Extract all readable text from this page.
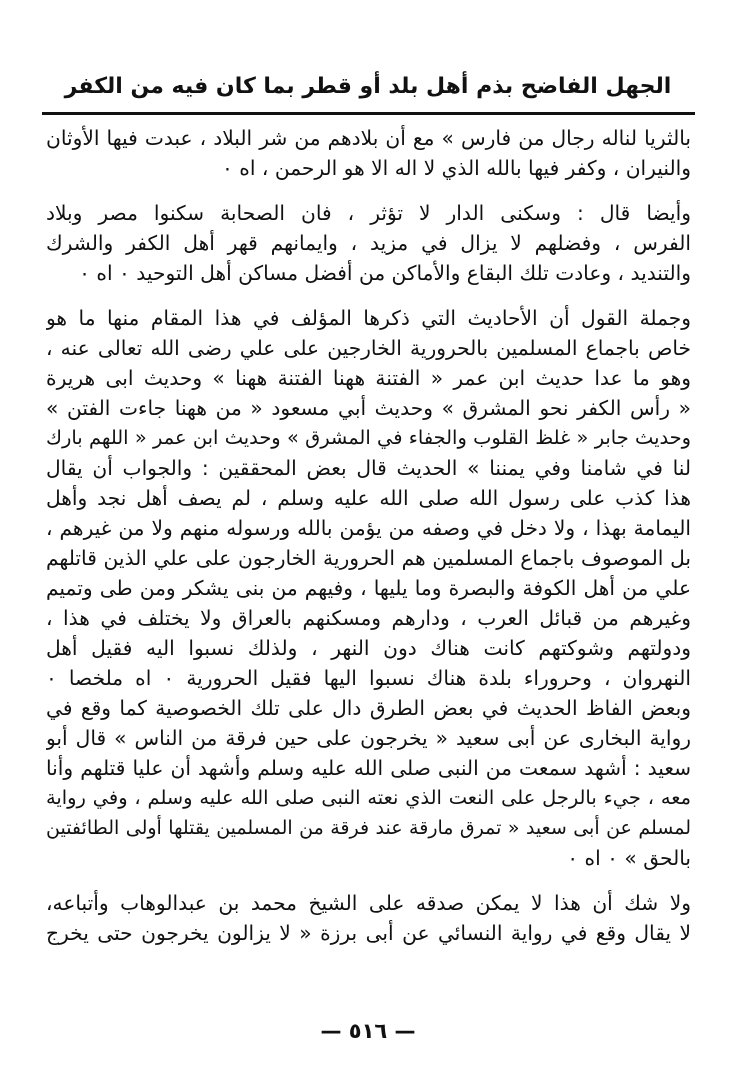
الجهل الفاضح بذم أهل بلد أو قطر بما كان فيه من الكفر
بالثريا لناله رجال من فارس » مع أن بلادهم من شر البلاد ، عبدت فيها الأوثان
والنيران ، وكفر فيها بالله الذي لا اله الا هو الرحمن ، اه ٠
وأيضا قال : وسكنى الدار لا تؤثر ، فان الصحابة سكنوا مصر وبلاد
الفرس ، وفضلهم لا يزال في مزيد ، وايمانهم قهر أهل الكفر والشرك
والتنديد ، وعادت تلك البقاع والأماكن من أفضل مساكن أهل التوحيد ٠ اه ٠
وجملة القول أن الأحاديث التي ذكرها المؤلف في هذا المقام منها ما هو
خاص باجماع المسلمين بالحرورية الخارجين على علي رضى الله تعالى عنه ،
وهو ما عدا حديث ابن عمر « الفتنة ههنا الفتنة ههنا » وحديث ابى هريرة
« رأس الكفر نحو المشرق » وحديث أبي مسعود « من ههنا جاءت الفتن »
وحديث جابر « غلظ القلوب والجفاء في المشرق » وحديث ابن عمر « اللهم بارك
لنا في شامنا وفي يمننا » الحديث قال بعض المحققين : والجواب أن يقال
هذا كذب على رسول الله صلى الله عليه وسلم ، لم يصف أهل نجد وأهل
اليمامة بهذا ، ولا دخل في وصفه من يؤمن بالله ورسوله منهم ولا من غيرهم ،
بل الموصوف باجماع المسلمين هم الحرورية الخارجون على علي الذين قاتلهم
علي من أهل الكوفة والبصرة وما يليها ، وفيهم من بنى يشكر ومن طى وتميم
وغيرهم من قبائل العرب ، ودارهم ومسكنهم بالعراق ولا يختلف في هذا ،
ودولتهم وشوكتهم كانت هناك دون النهر ، ولذلك نسبوا اليه فقيل أهل
النهروان ، وحروراء بلدة هناك نسبوا اليها فقيل الحرورية ٠ اه ملخصا ٠
وبعض الفاظ الحديث في بعض الطرق دال على تلك الخصوصية كما وقع في
رواية البخارى عن أبى سعيد « يخرجون على حين فرقة من الناس » قال أبو
سعيد : أشهد سمعت من النبى صلى الله عليه وسلم وأشهد أن عليا قتلهم وأنا
معه ، جيء بالرجل على النعت الذي نعته النبى صلى الله عليه وسلم ، وفي رواية
لمسلم عن أبى سعيد « تمرق مارقة عند فرقة من المسلمين يقتلها أولى الطائفتين
بالحق » ٠ اه ٠
ولا شك أن هذا لا يمكن صدقه على الشيخ محمد بن عبدالوهاب وأتباعه،
لا يقال وقع في رواية النسائي عن أبى برزة « لا يزالون يخرجون حتى يخرج
— ٥١٦ —
